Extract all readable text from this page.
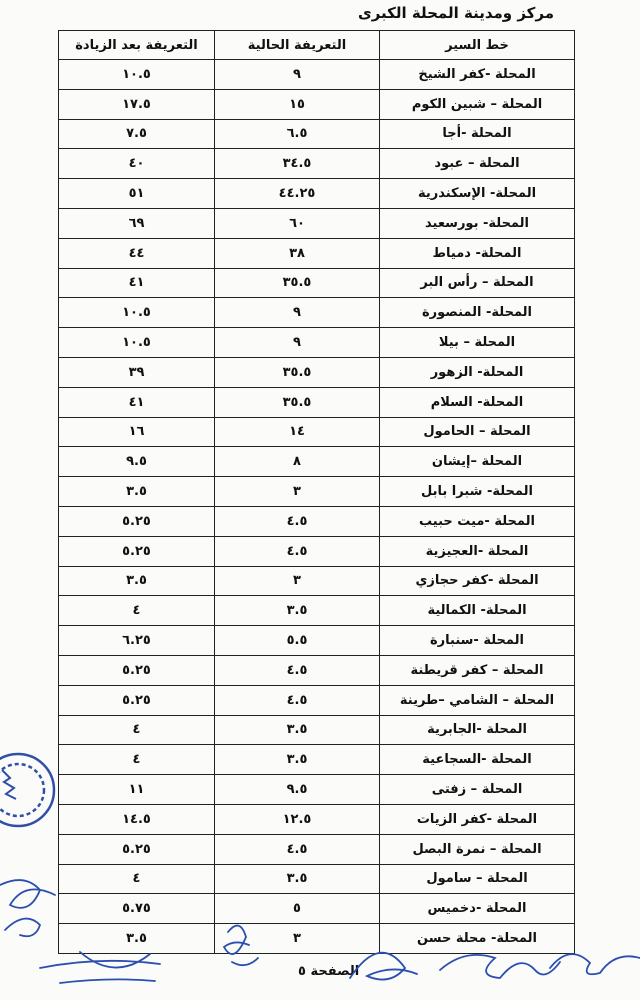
مركز ومدينة المحلة الكبرى
خط السير	التعريفة الحالية	التعريفة بعد الزيادة
المحلة -كفر الشيخ	٩	١٠.٥
المحلة – شبين الكوم	١٥	١٧.٥
المحلة -أجا	٦.٥	٧.٥
المحلة – عبود	٣٤.٥	٤٠
المحلة- الإسكندرية	٤٤.٢٥	٥١
المحلة- بورسعيد	٦٠	٦٩
المحلة- دمياط	٣٨	٤٤
المحلة – رأس البر	٣٥.٥	٤١
المحلة- المنصورة	٩	١٠.٥
المحلة – بيلا	٩	١٠.٥
المحلة- الزهور	٣٥.٥	٣٩
المحلة- السلام	٣٥.٥	٤١
المحلة – الحامول	١٤	١٦
المحلة –إيشان	٨	٩.٥
المحلة- شبرا بابل	٣	٣.٥
المحلة -ميت حبيب	٤.٥	٥.٢٥
المحلة -العجيزية	٤.٥	٥.٢٥
المحلة -كفر حجازي	٣	٣.٥
المحلة- الكمالية	٣.٥	٤
المحلة -سنبارة	٥.٥	٦.٢٥
المحلة – كفر قريطنة	٤.٥	٥.٢٥
المحلة – الشامي –طرينة	٤.٥	٥.٢٥
المحلة -الجابرية	٣.٥	٤
المحلة -السجاعية	٣.٥	٤
المحلة – زفتى	٩.٥	١١
المحلة -كفر الزيات	١٢.٥	١٤.٥
المحلة – نمرة البصل	٤.٥	٥.٢٥
المحلة – سامول	٣.٥	٤
المحلة -دخميس	٥	٥.٧٥
المحلة- محلة حسن	٣	٣.٥
الصفحة ٥
